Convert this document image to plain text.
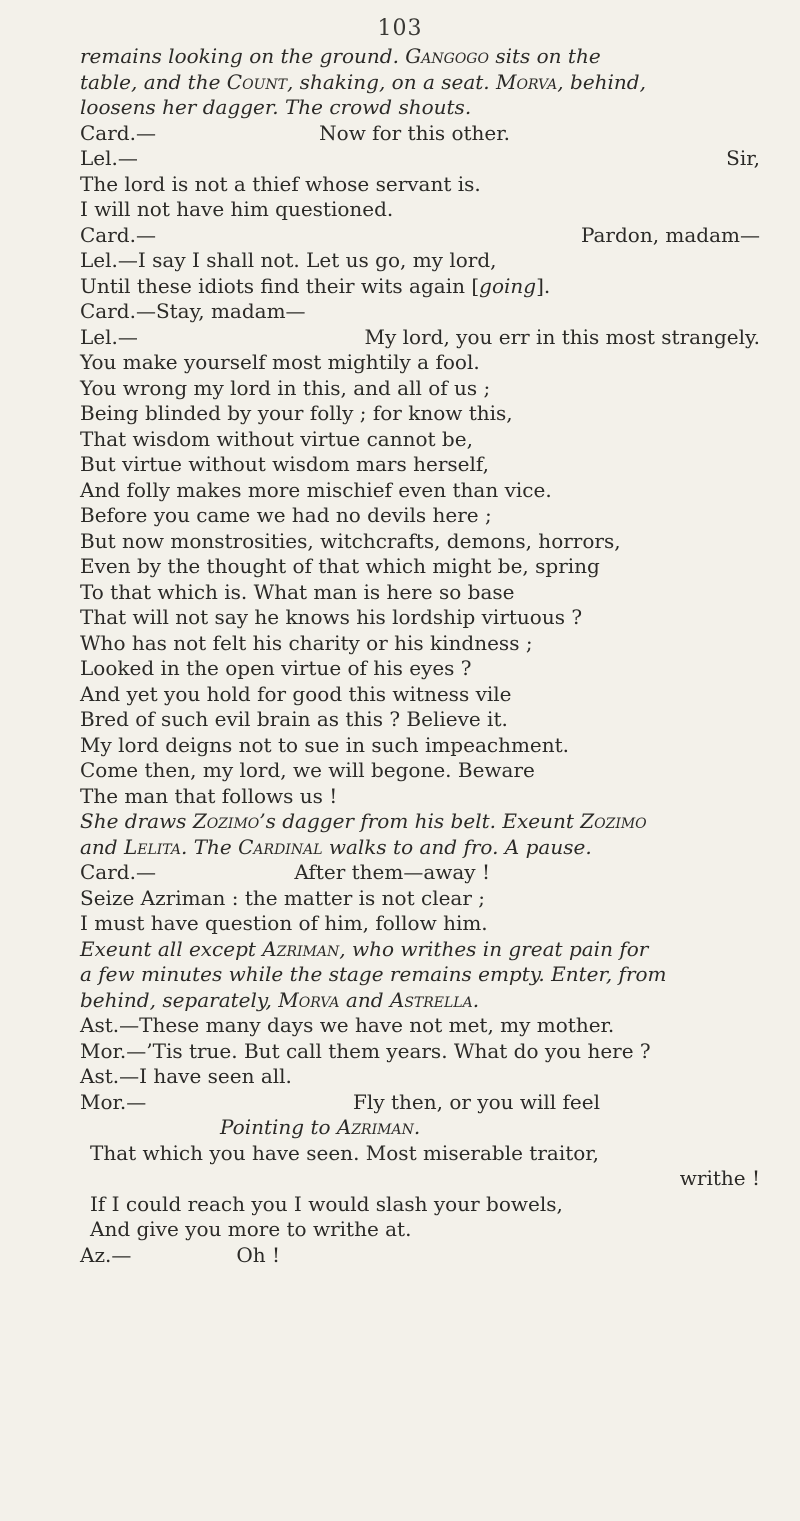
103
remains looking on the ground. Gangogo sits on the
table, and the Count, shaking, on a seat. Morva, behind,
loosens her dagger. The crowd shouts.
Card.—	Now for this other.
Lel.—	Sir,
The lord is not a thief whose servant is.
I will not have him questioned.
Card.—	Pardon, madam—
Lel.—I say I shall not. Let us go, my lord,
Until these idiots find their wits again [going].
Card.—Stay, madam—
Lel.—	My lord, you err in this most strangely.
You make yourself most mightily a fool.
You wrong my lord in this, and all of us ;
Being blinded by your folly ; for know this,
That wisdom without virtue cannot be,
But virtue without wisdom mars herself,
And folly makes more mischief even than vice.
Before you came we had no devils here ;
But now monstrosities, witchcrafts, demons, horrors,
Even by the thought of that which might be, spring
To that which is. What man is here so base
That will not say he knows his lordship virtuous ?
Who has not felt his charity or his kindness ;
Looked in the open virtue of his eyes ?
And yet you hold for good this witness vile
Bred of such evil brain as this ? Believe it.
My lord deigns not to sue in such impeachment.
Come then, my lord, we will begone. Beware
The man that follows us !
She draws Zozimo’s dagger from his belt. Exeunt Zozimo
and Lelita. The Cardinal walks to and fro. A pause.
Card.—	After them—away !
Seize Azriman : the matter is not clear ;
I must have question of him, follow him.
Exeunt all except Azriman, who writhes in great pain for
a few minutes while the stage remains empty. Enter, from
behind, separately, Morva and Astrella.
Ast.—These many days we have not met, my mother.
Mor.—’Tis true. But call them years. What do you here ?
Ast.—I have seen all.
Mor.—	Fly then, or you will feel
Pointing to Azriman.
That which you have seen. Most miserable traitor,
writhe !
If I could reach you I would slash your bowels,
And give you more to writhe at.
Az.—	Oh !
